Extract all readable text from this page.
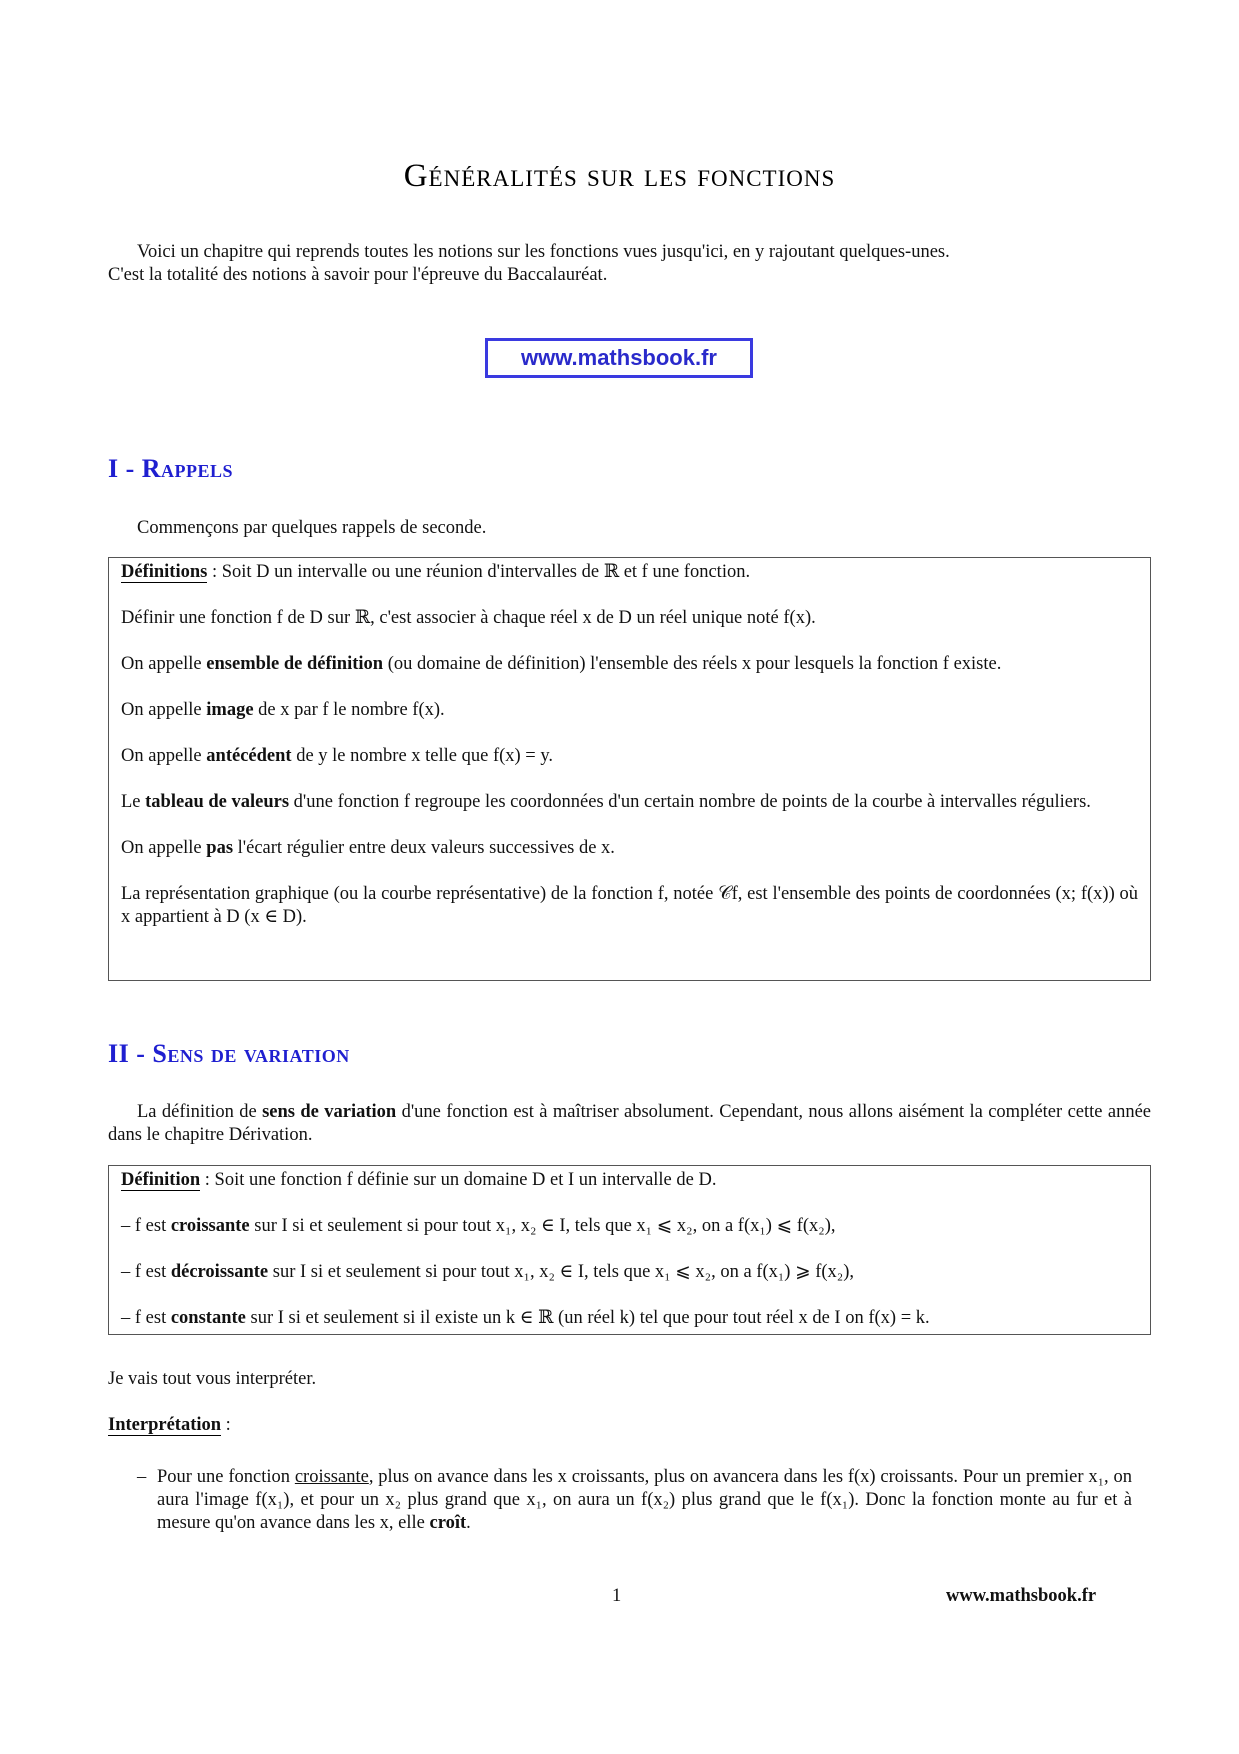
Généralités sur les fonctions
Voici un chapitre qui reprends toutes les notions sur les fonctions vues jusqu'ici, en y rajoutant quelques-unes.
C'est la totalité des notions à savoir pour l'épreuve du Baccalauréat.
www.mathsbook.fr
I - Rappels
Commençons par quelques rappels de seconde.

Définitions : Soit D un intervalle ou une réunion d'intervalles de ℝ et f une fonction.

Définir une fonction f de D sur ℝ, c'est associer à chaque réel x de D un réel unique noté f(x).

On appelle ensemble de définition (ou domaine de définition) l'ensemble des réels x pour lesquels la fonction f existe.

On appelle image de x par f le nombre f(x).

On appelle antécédent de y le nombre x telle que f(x) = y.

Le tableau de valeurs d'une fonction f regroupe les coordonnées d'un certain nombre de points de la courbe à intervalles réguliers.

On appelle pas l'écart régulier entre deux valeurs successives de x.

La représentation graphique (ou la courbe représentative) de la fonction f, notée 𝒞f, est l'ensemble des points de coordonnées (x; f(x)) où x appartient à D (x ∈ D).

II - Sens de variation
La définition de sens de variation d'une fonction est à maîtriser absolument. Cependant, nous allons aisément la compléter cette année dans le chapitre Dérivation.

Définition : Soit une fonction f définie sur un domaine D et I un intervalle de D.

– f est croissante sur I si et seulement si pour tout x₁, x₂ ∈ I, tels que x₁ ⩽ x₂, on a f(x₁) ⩽ f(x₂),
– f est décroissante sur I si et seulement si pour tout x₁, x₂ ∈ I, tels que x₁ ⩽ x₂, on a f(x₁) ⩾ f(x₂),
– f est constante sur I si et seulement si il existe un k ∈ ℝ (un réel k) tel que pour tout réel x de I on f(x) = k.
Je vais tout vous interpréter.
Interprétation :
– Pour une fonction croissante, plus on avance dans les x croissants, plus on avancera dans les f(x) croissants. Pour un premier x₁, on aura l'image f(x₁), et pour un x₂ plus grand que x₁, on aura un f(x₂) plus grand que le f(x₁). Donc la fonction monte au fur et à mesure qu'on avance dans les x, elle croît.
1	www.mathsbook.fr
